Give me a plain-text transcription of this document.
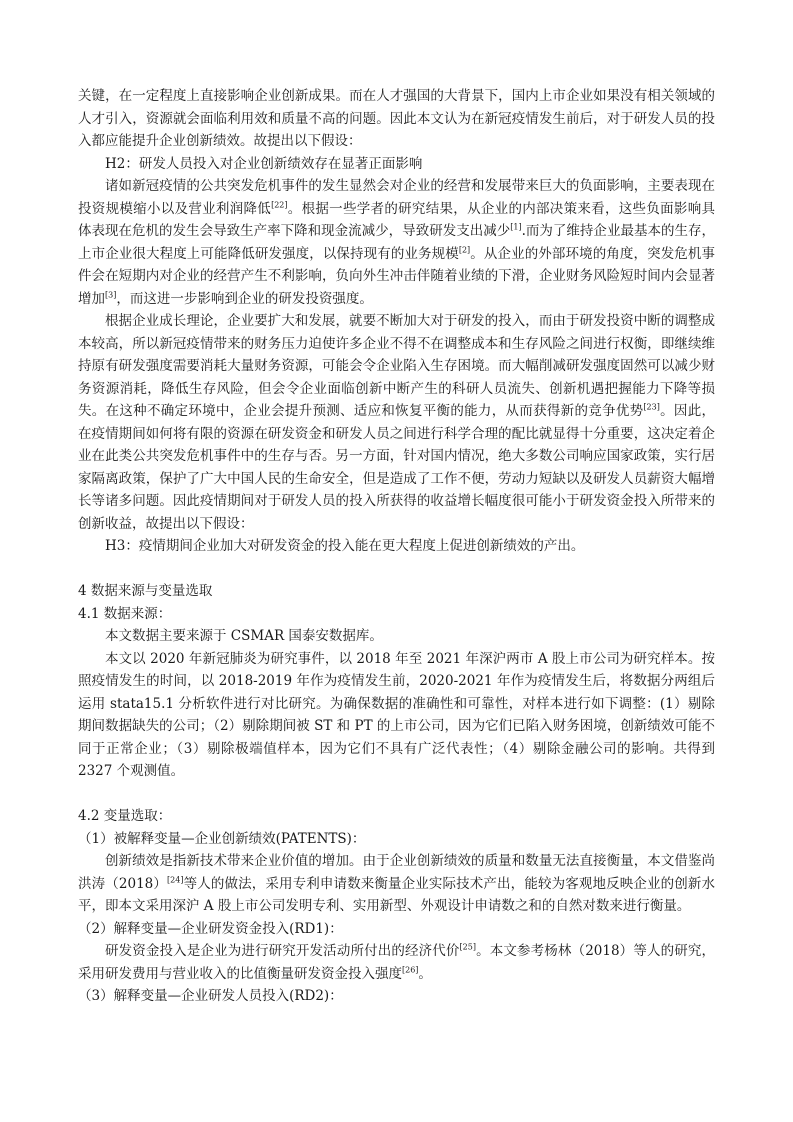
关键，在一定程度上直接影响企业创新成果。而在人才强国的大背景下，国内上市企业如果没有相关领域的人才引入，资源就会面临利用效和质量不高的问题。因此本文认为在新冠疫情发生前后，对于研发人员的投入都应能提升企业创新绩效。故提出以下假设：

H2：研发人员投入对企业创新绩效存在显著正面影响

诸如新冠疫情的公共突发危机事件的发生显然会对企业的经营和发展带来巨大的负面影响，主要表现在投资规模缩小以及营业利润降低[22]。根据一些学者的研究结果，从企业的内部决策来看，这些负面影响具体表现在危机的发生会导致生产率下降和现金流减少，导致研发支出减少[1].而为了维持企业最基本的生存，上市企业很大程度上可能降低研发强度，以保持现有的业务规模[2]。从企业的外部环境的角度，突发危机事件会在短期内对企业的经营产生不利影响，负向外生冲击伴随着业绩的下滑，企业财务风险短时间内会显著增加[3]，而这进一步影响到企业的研发投资强度。

根据企业成长理论，企业要扩大和发展，就要不断加大对于研发的投入，而由于研发投资中断的调整成本较高，所以新冠疫情带来的财务压力迫使许多企业不得不在调整成本和生存风险之间进行权衡，即继续维持原有研发强度需要消耗大量财务资源，可能会令企业陷入生存困境。而大幅削减研发强度固然可以减少财务资源消耗，降低生存风险，但会令企业面临创新中断产生的科研人员流失、创新机遇把握能力下降等损失。在这种不确定环境中，企业会提升预测、适应和恢复平衡的能力，从而获得新的竞争优势[23]。因此，在疫情期间如何将有限的资源在研发资金和研发人员之间进行科学合理的配比就显得十分重要，这决定着企业在此类公共突发危机事件中的生存与否。另一方面，针对国内情况，绝大多数公司响应国家政策，实行居家隔离政策，保护了广大中国人民的生命安全，但是造成了工作不便，劳动力短缺以及研发人员薪资大幅增长等诸多问题。因此疫情期间对于研发人员的投入所获得的收益增长幅度很可能小于研发资金投入所带来的创新收益，故提出以下假设：

H3：疫情期间企业加大对研发资金的投入能在更大程度上促进创新绩效的产出。

4 数据来源与变量选取

4.1 数据来源：

本文数据主要来源于 CSMAR 国泰安数据库。

本文以 2020 年新冠肺炎为研究事件，以 2018 年至 2021 年深沪两市 A 股上市公司为研究样本。按照疫情发生的时间，以 2018-2019 年作为疫情发生前，2020-2021 年作为疫情发生后，将数据分两组后运用 stata15.1 分析软件进行对比研究。为确保数据的准确性和可靠性，对样本进行如下调整：(1）剔除期间数据缺失的公司；（2）剔除期间被 ST 和 PT 的上市公司，因为它们已陷入财务困境，创新绩效可能不同于正常企业；（3）剔除极端值样本，因为它们不具有广泛代表性；（4）剔除金融公司的影响。共得到 2327 个观测值。

4.2 变量选取：

（1）被解释变量—企业创新绩效(PATENTS)：

创新绩效是指新技术带来企业价值的增加。由于企业创新绩效的质量和数量无法直接衡量，本文借鉴尚洪涛（2018）[24]等人的做法，采用专利申请数来衡量企业实际技术产出，能较为客观地反映企业的创新水平，即本文采用深沪 A 股上市公司发明专利、实用新型、外观设计申请数之和的自然对数来进行衡量。

（2）解释变量—企业研发资金投入(RD1)：

研发资金投入是企业为进行研究开发活动所付出的经济代价[25]。本文参考杨林（2018）等人的研究，采用研发费用与营业收入的比值衡量研发资金投入强度[26]。

（3）解释变量—企业研发人员投入(RD2)：
